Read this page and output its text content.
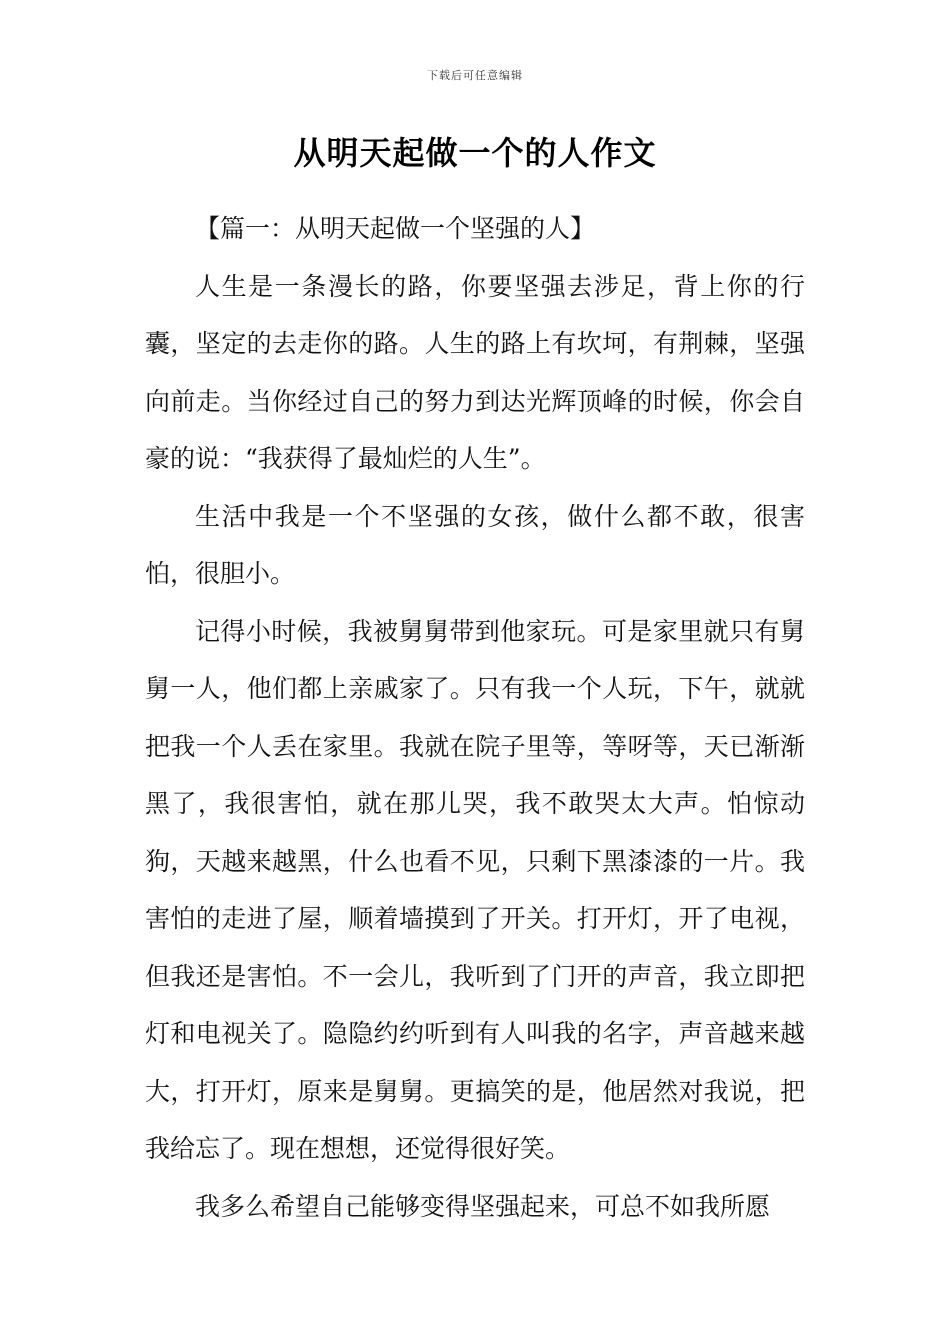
下载后可任意编辑
从明天起做一个的人作文

【篇一：从明天起做一个坚强的人】

人生是一条漫长的路，你要坚强去涉足，背上你的行囊，坚定的去走你的路。人生的路上有坎坷，有荆棘，坚强向前走。当你经过自己的努力到达光辉顶峰的时候，你会自豪的说：“我获得了最灿烂的人生”。

生活中我是一个不坚强的女孩，做什么都不敢，很害怕，很胆小。

记得小时候，我被舅舅带到他家玩。可是家里就只有舅舅一人，他们都上亲戚家了。只有我一个人玩，下午，就就把我一个人丢在家里。我就在院子里等，等呀等，天已渐渐黑了，我很害怕，就在那儿哭，我不敢哭太大声。怕惊动狗，天越来越黑，什么也看不见，只剩下黑漆漆的一片。我害怕的走进了屋，顺着墙摸到了开关。打开灯，开了电视，但我还是害怕。不一会儿，我听到了门开的声音，我立即把灯和电视关了。隐隐约约听到有人叫我的名字，声音越来越大，打开灯，原来是舅舅。更搞笑的是，他居然对我说，把我给忘了。现在想想，还觉得很好笑。

我多么希望自己能够变得坚强起来，可总不如我所愿
